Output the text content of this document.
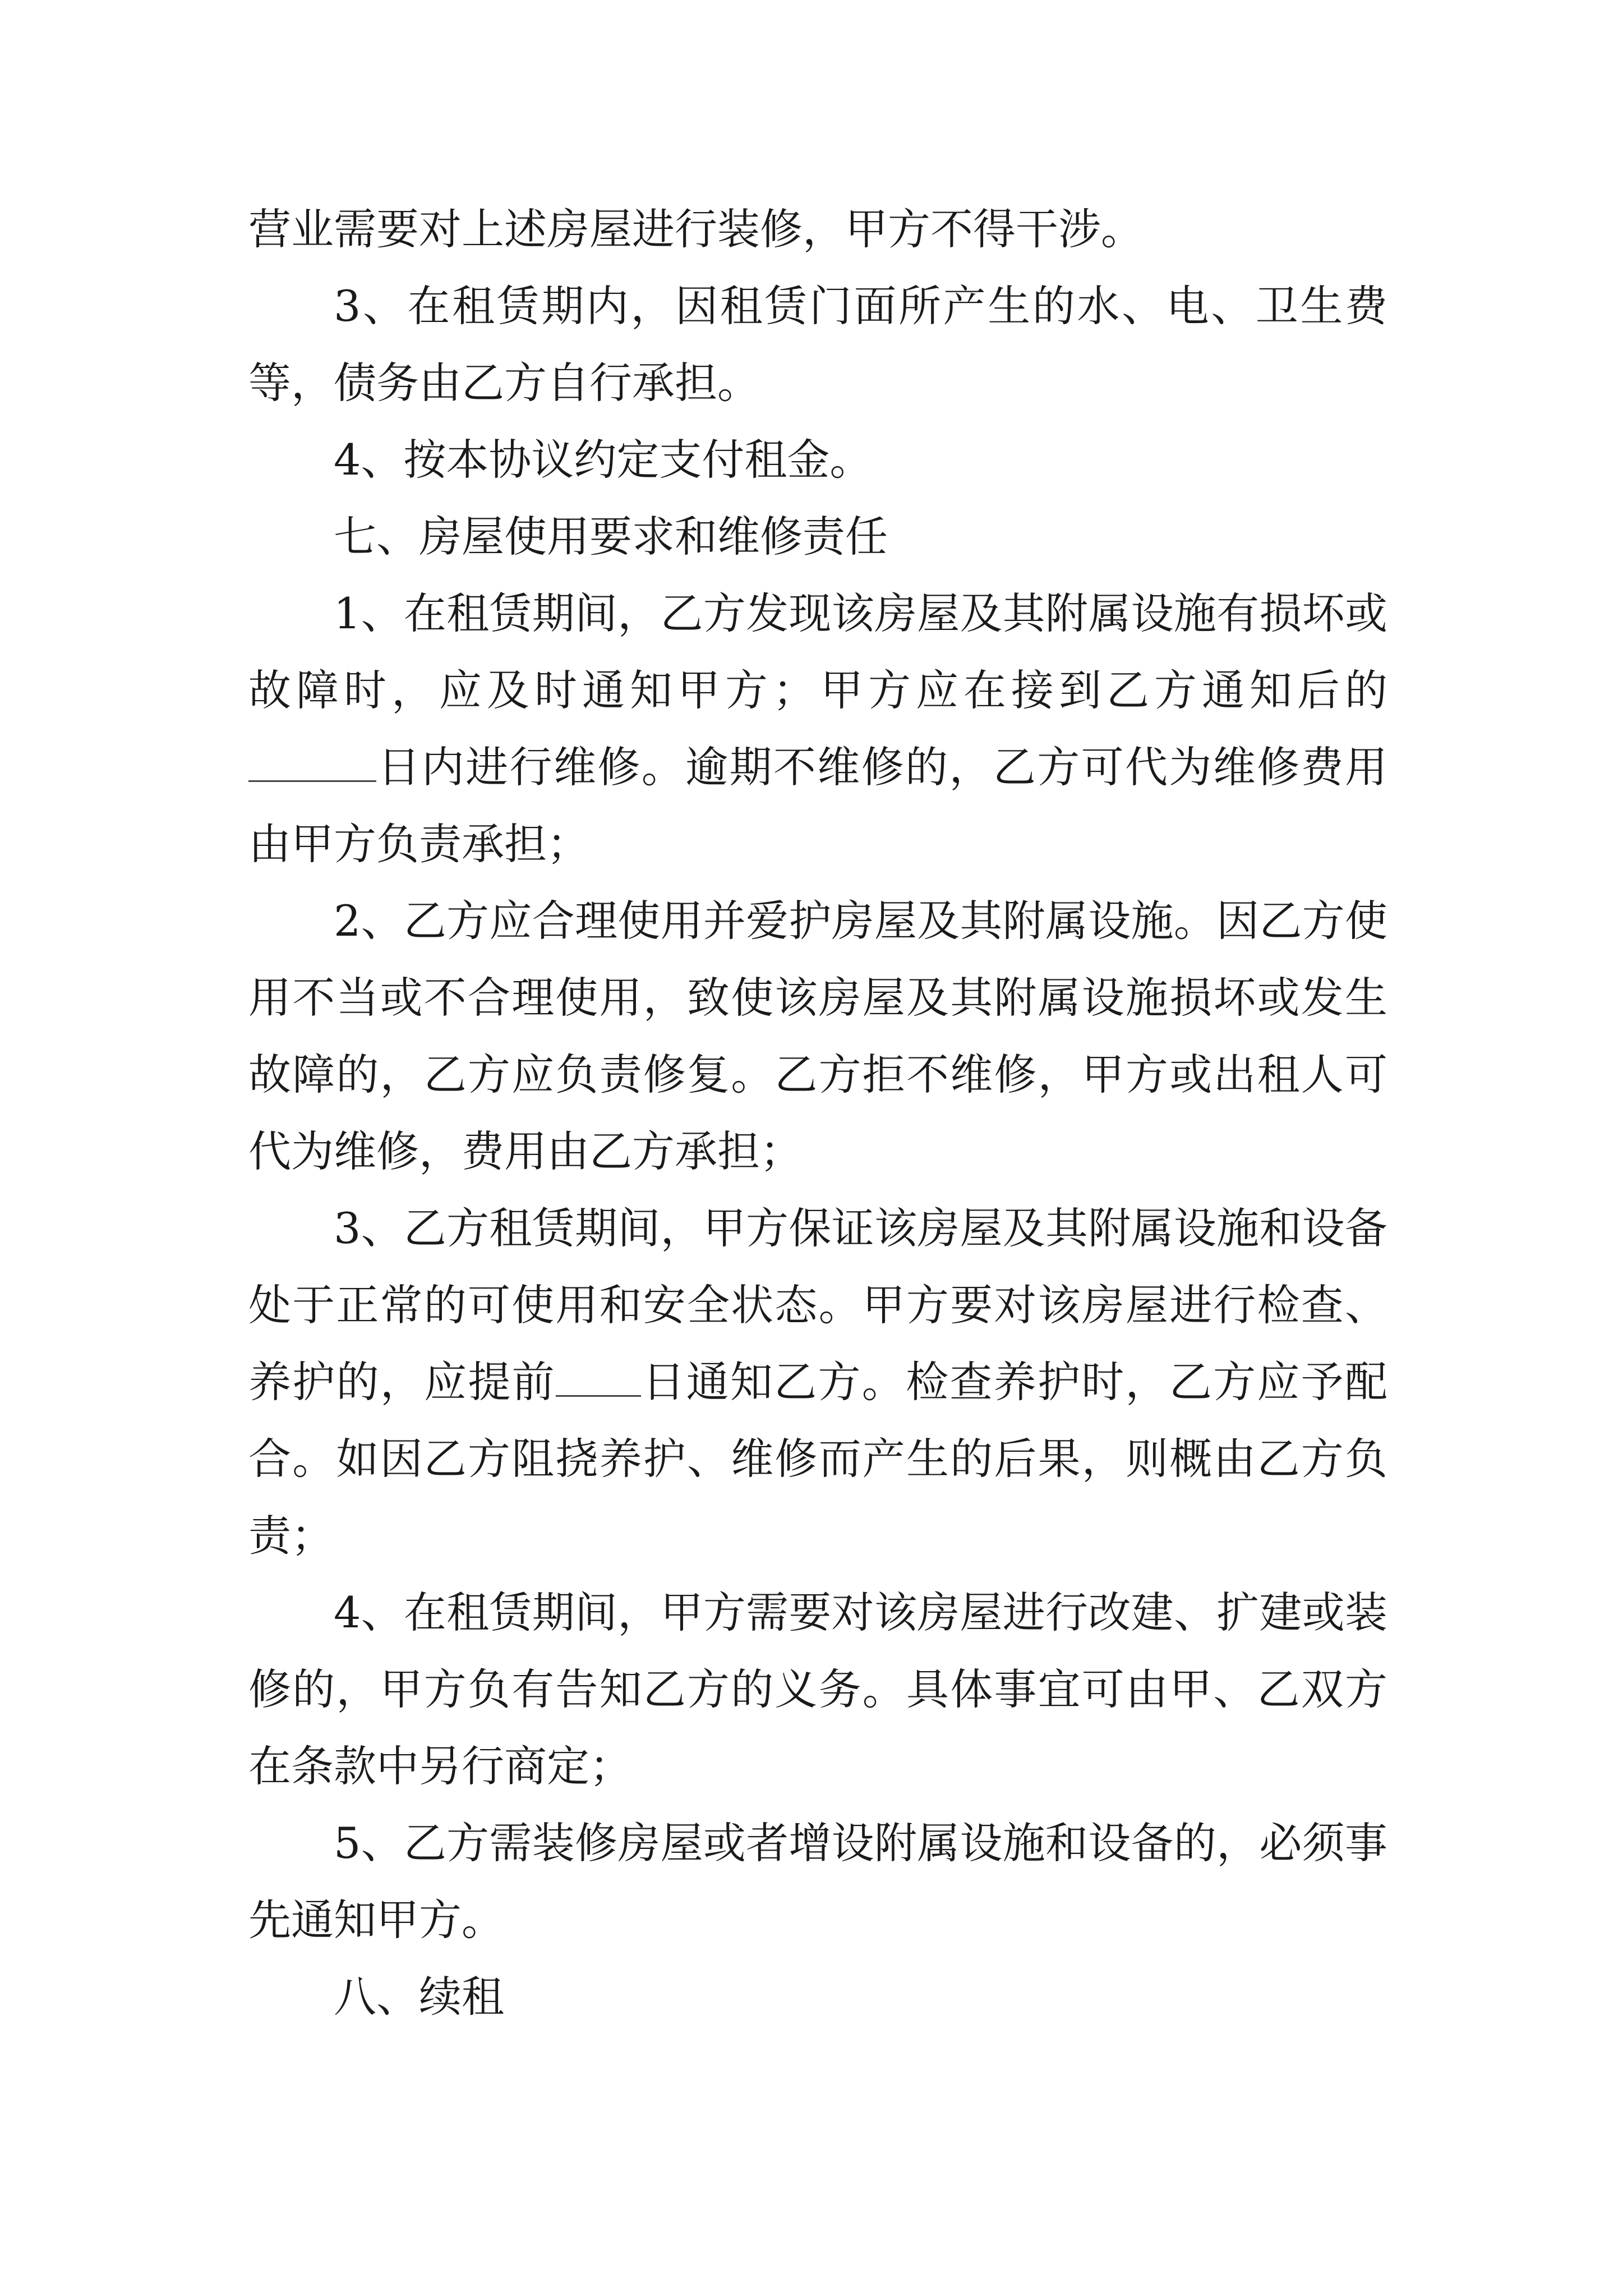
营业需要对上述房屋进行装修，甲方不得干涉。

3、在租赁期内，因租赁门面所产生的水、电、卫生费等，债务由乙方自行承担。

4、按本协议约定支付租金。

七、房屋使用要求和维修责任

1、在租赁期间，乙方发现该房屋及其附属设施有损坏或故障时，应及时通知甲方；甲方应在接到乙方通知后的日内进行维修。逾期不维修的，乙方可代为维修费用由甲方负责承担；

2、乙方应合理使用并爱护房屋及其附属设施。因乙方使用不当或不合理使用，致使该房屋及其附属设施损坏或发生故障的，乙方应负责修复。乙方拒不维修，甲方或出租人可代为维修，费用由乙方承担；

3、乙方租赁期间，甲方保证该房屋及其附属设施和设备处于正常的可使用和安全状态。甲方要对该房屋进行检查、养护的，应提前 日通知乙方。检查养护时，乙方应予配合。如因乙方阻挠养护、维修而产生的后果，则概由乙方负责；

4、在租赁期间，甲方需要对该房屋进行改建、扩建或装修的，甲方负有告知乙方的义务。具体事宜可由甲、乙双方在条款中另行商定；

5、乙方需装修房屋或者增设附属设施和设备的，必须事先通知甲方。

八、续租
